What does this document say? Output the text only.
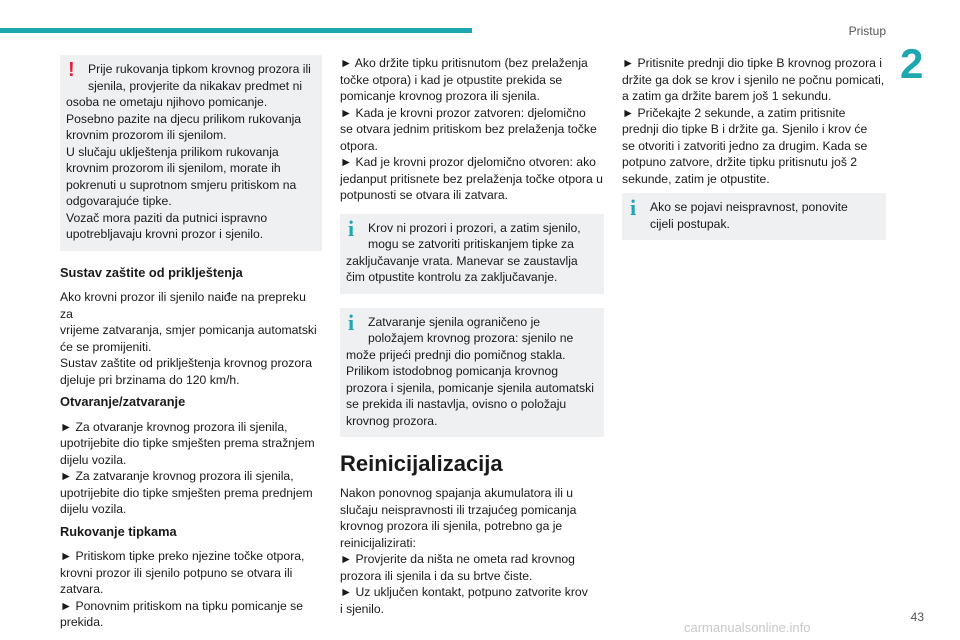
Pristup
2
! Prije rukovanja tipkom krovnog prozora ili
sjenila, provjerite da nikakav predmet ni
osoba ne ometaju njihovo pomicanje.
Posebno pazite na djecu prilikom rukovanja
krovnim prozorom ili sjenilom.
U slučaju uklještenja prilikom rukovanja
krovnim prozorom ili sjenilom, morate ih
pokrenuti u suprotnom smjeru pritiskom na
odgovarajuće tipke.
Vozač mora paziti da putnici ispravno
upotrebljavaju krovni prozor i sjenilo.
Sustav zaštite od priklještenja

Ako krovni prozor ili sjenilo naiđe na prepreku za
vrijeme zatvaranja, smjer pomicanja automatski
će se promijeniti.
Sustav zaštite od priklještenja krovnog prozora
djeluje pri brzinama do 120 km/h.

Otvaranje/zatvaranje

► Za otvaranje krovnog prozora ili sjenila,
upotrijebite dio tipke smješten prema stražnjem
dijelu vozila.
► Za zatvaranje krovnog prozora ili sjenila,
upotrijebite dio tipke smješten prema prednjem
dijelu vozila.

Rukovanje tipkama

► Pritiskom tipke preko njezine točke otpora,
krovni prozor ili sjenilo potpuno se otvara ili
zatvara.
► Ponovnim pritiskom na tipku pomicanje se
prekida.

► Ako držite tipku pritisnutom (bez prelaženja
točke otpora) i kad je otpustite prekida se
pomicanje krovnog prozora ili sjenila.
► Kada je krovni prozor zatvoren: djelomično
se otvara jednim pritiskom bez prelaženja točke
otpora.
► Kad je krovni prozor djelomično otvoren: ako
jedanput pritisnete bez prelaženja točke otpora u
potpunosti se otvara ili zatvara.

i Krov ni prozori i prozori, a zatim sjenilo,
mogu se zatvoriti pritiskanjem tipke za
zaključavanje vrata. Manevar se zaustavlja
čim otpustite kontrolu za zaključavanje.
i Zatvaranje sjenila ograničeno je
položajem krovnog prozora: sjenilo ne
može prijeći prednji dio pomičnog stakla.
Prilikom istodobnog pomicanja krovnog
prozora i sjenila, pomicanje sjenila automatski
se prekida ili nastavlja, ovisno o položaju
krovnog prozora.
Reinicijalizacija

Nakon ponovnog spajanja akumulatora ili u
slučaju neispravnosti ili trzajućeg pomicanja
krovnog prozora ili sjenila, potrebno ga je
reinicijalizirati:
► Provjerite da ništa ne ometa rad krovnog
prozora ili sjenila i da su brtve čiste.
► Uz uključen kontakt, potpuno zatvorite krov
i sjenilo.

► Pritisnite prednji dio tipke B krovnog prozora i
držite ga dok se krov i sjenilo ne počnu pomicati,
a zatim ga držite barem još 1 sekundu.
► Pričekajte 2 sekunde, a zatim pritisnite
prednji dio tipke B i držite ga. Sjenilo i krov će
se otvoriti i zatvoriti jedno za drugim. Kada se
potpuno zatvore, držite tipku pritisnutu još 2
sekunde, zatim je otpustite.

i Ako se pojavi neispravnost, ponovite
cijeli postupak.
43
carmanualsonline.info
